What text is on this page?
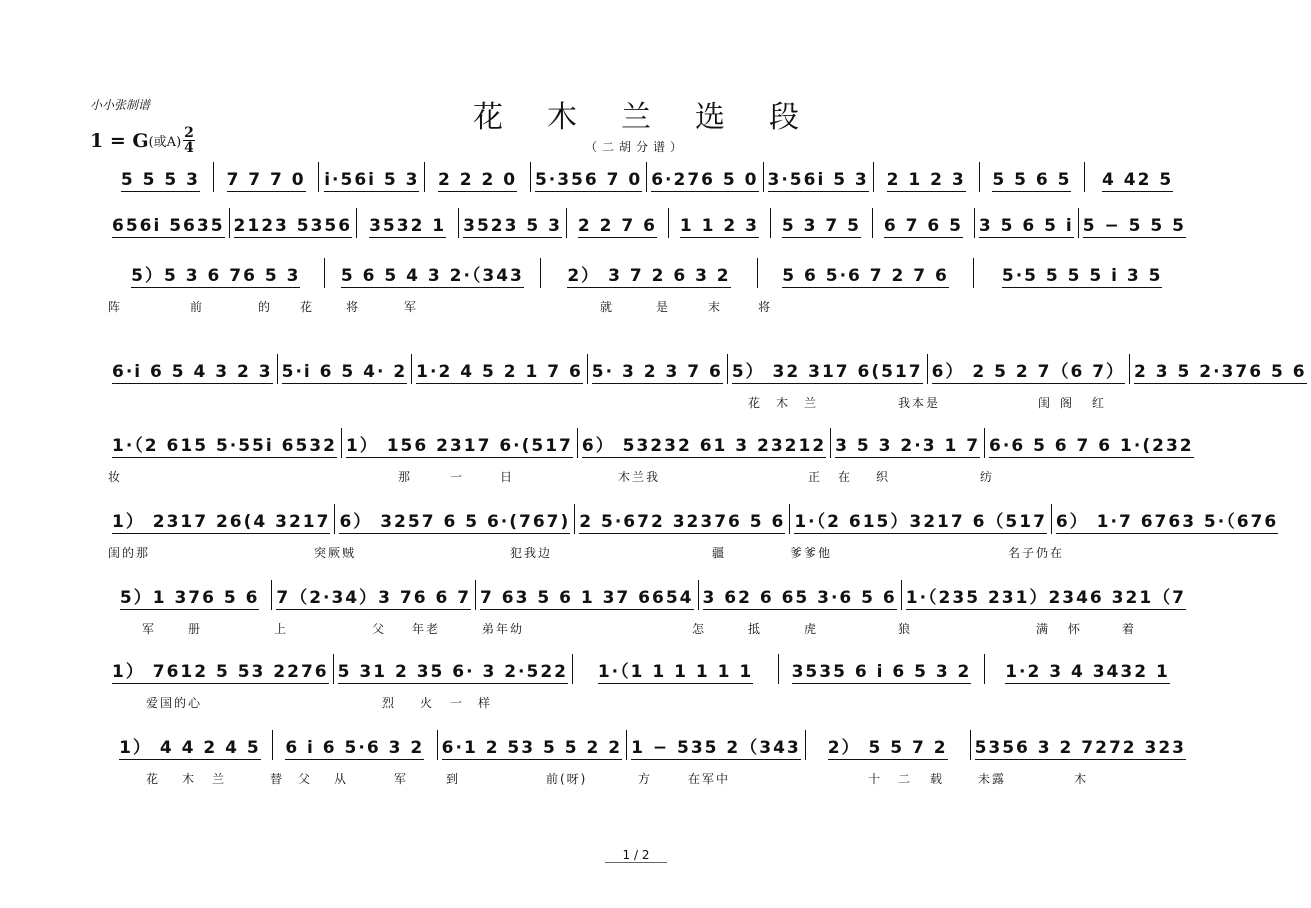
小小张制谱	花木兰选段
（二胡分谱）
1 = G (或$A) \frac{2}{4}$
5 5 5 3 7 7 7 0 i·56i 5 3 2 2 2 0 5·356 7 0 6·276 5 0 3·56i 5 3 2 1 2 3 5 5 6 5 4 42 5
656i 5635 2123 5356 3532 1 3523 5 3 2 2 7 6 1 1 2 3 5 3 7 5 6 7 6 5 3 5 6 5 i 5 − 5 5 5
5）5 3 6 76 5 3 5 6 5 4 3 2·（343	2） 3 7 2 6 3 2	5 6 5·6 7 2 7 6	5·5 5 5 5 i 3 5
阵	前	的 花	将	军	就	是	末	将
6·i 6 5 4 3 2 3 5·i 6 5 4· 2 1·2 4 5 2 1 7 6 5· 3 2 3 7 6 5） 32 317 6(517 6） 2 5 2 7（6 7） 2 3 5 2·376 5 6
花 木 兰	我本是	闺 阁 红
1·（2 615 5·55i 6532 1） 156 2317 6·(517 6） 53232 61 3 23212 3 5 3 2·3 1 7 6·6 5 6 7 6 1·(232
妆	那	一	日	木兰我	正 在 织	纺
1） 2317 26(4 3217 6） 3257 6 5 6·(767) 2 5·672 32376 5 6 1·（2 615）3217 6（517 6） 1·7 6763 5·（676
闺的那	突厥贼	犯我边	疆	爹爹他	名子仍在
5）1 376 5 6 7（2·34）3 76 6 7 7 63 5 6 1 37 6654 3 62 6 65 3·6 5 6 1·（235 231）2346 321（7
军	册	上	父 年老	弟年幼	怎	抵	虎	狼	满 怀	着
1） 7612 5 53 2276 5 31 2 35 6· 3 2·522 1·（1 1 1 1 1 1 3535 6 i 6 5 3 2 1·2 3 4 3432 1
爱国的心	烈 火 一 样
1） 4 4 2 4 5 6 i 6 5·6 3 2 6·1 2 53 5 5 2 2 1 − 535 2（343 2） 5 5 7 2 5356 3 2 7272 323
花 木 兰	替 父 从	军	到	前(呀)	方	在军中	十 二 载	未露	木
1 / 2
